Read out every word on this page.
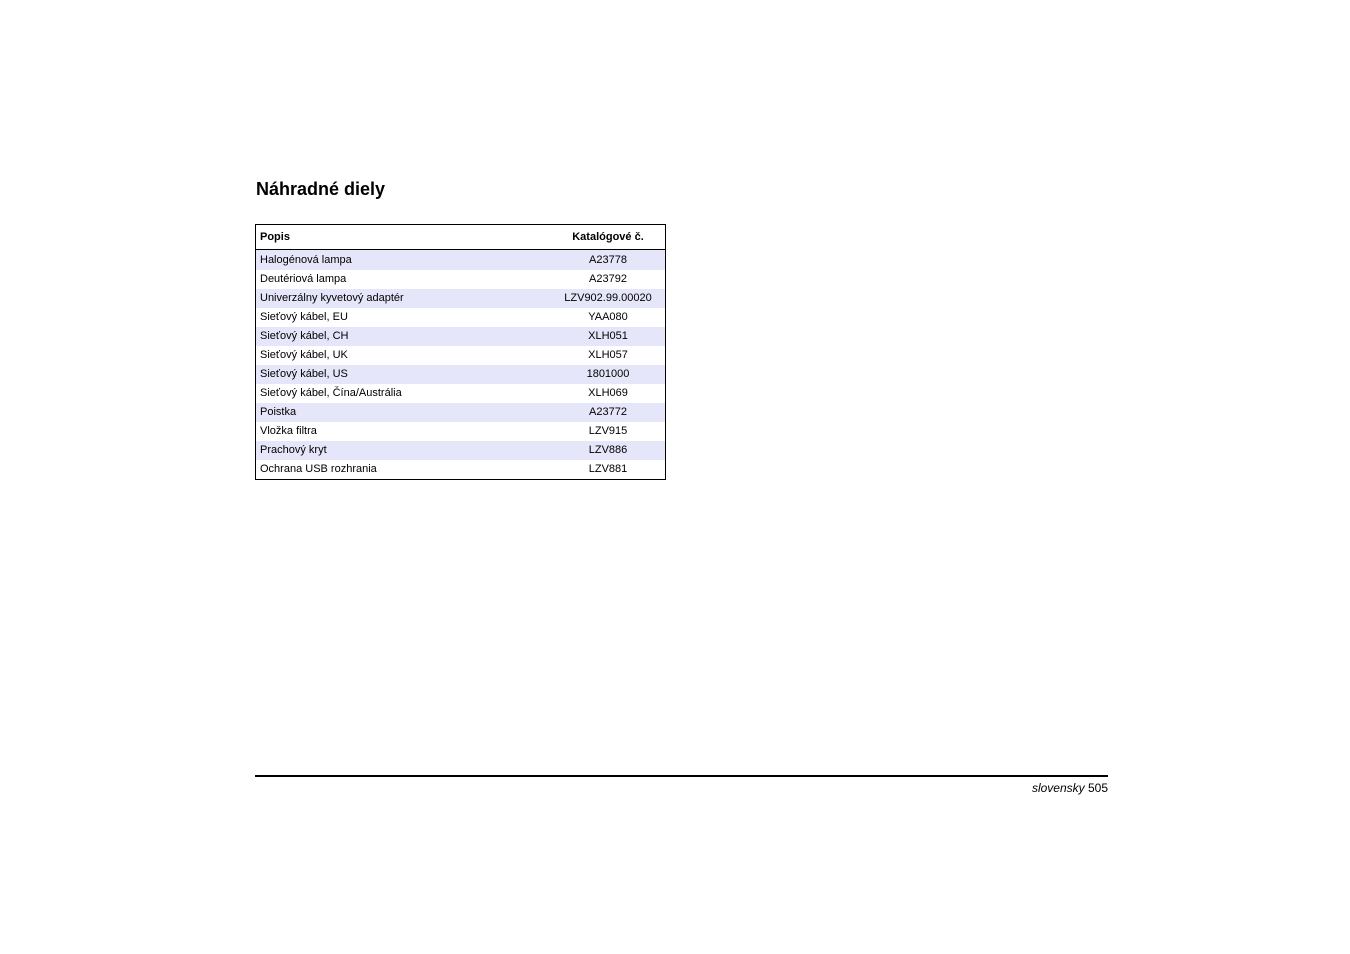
Náhradné diely
Popis	Katalógové č.
Halogénová lampa	A23778
Deutériová lampa	A23792
Univerzálny kyvetový adaptér	LZV902.99.00020
Sieťový kábel, EU	YAA080
Sieťový kábel, CH	XLH051
Sieťový kábel, UK	XLH057
Sieťový kábel, US	1801000
Sieťový kábel, Čína/Austrália	XLH069
Poistka	A23772
Vložka filtra	LZV915
Prachový kryt	LZV886
Ochrana USB rozhrania	LZV881
slovensky 505
